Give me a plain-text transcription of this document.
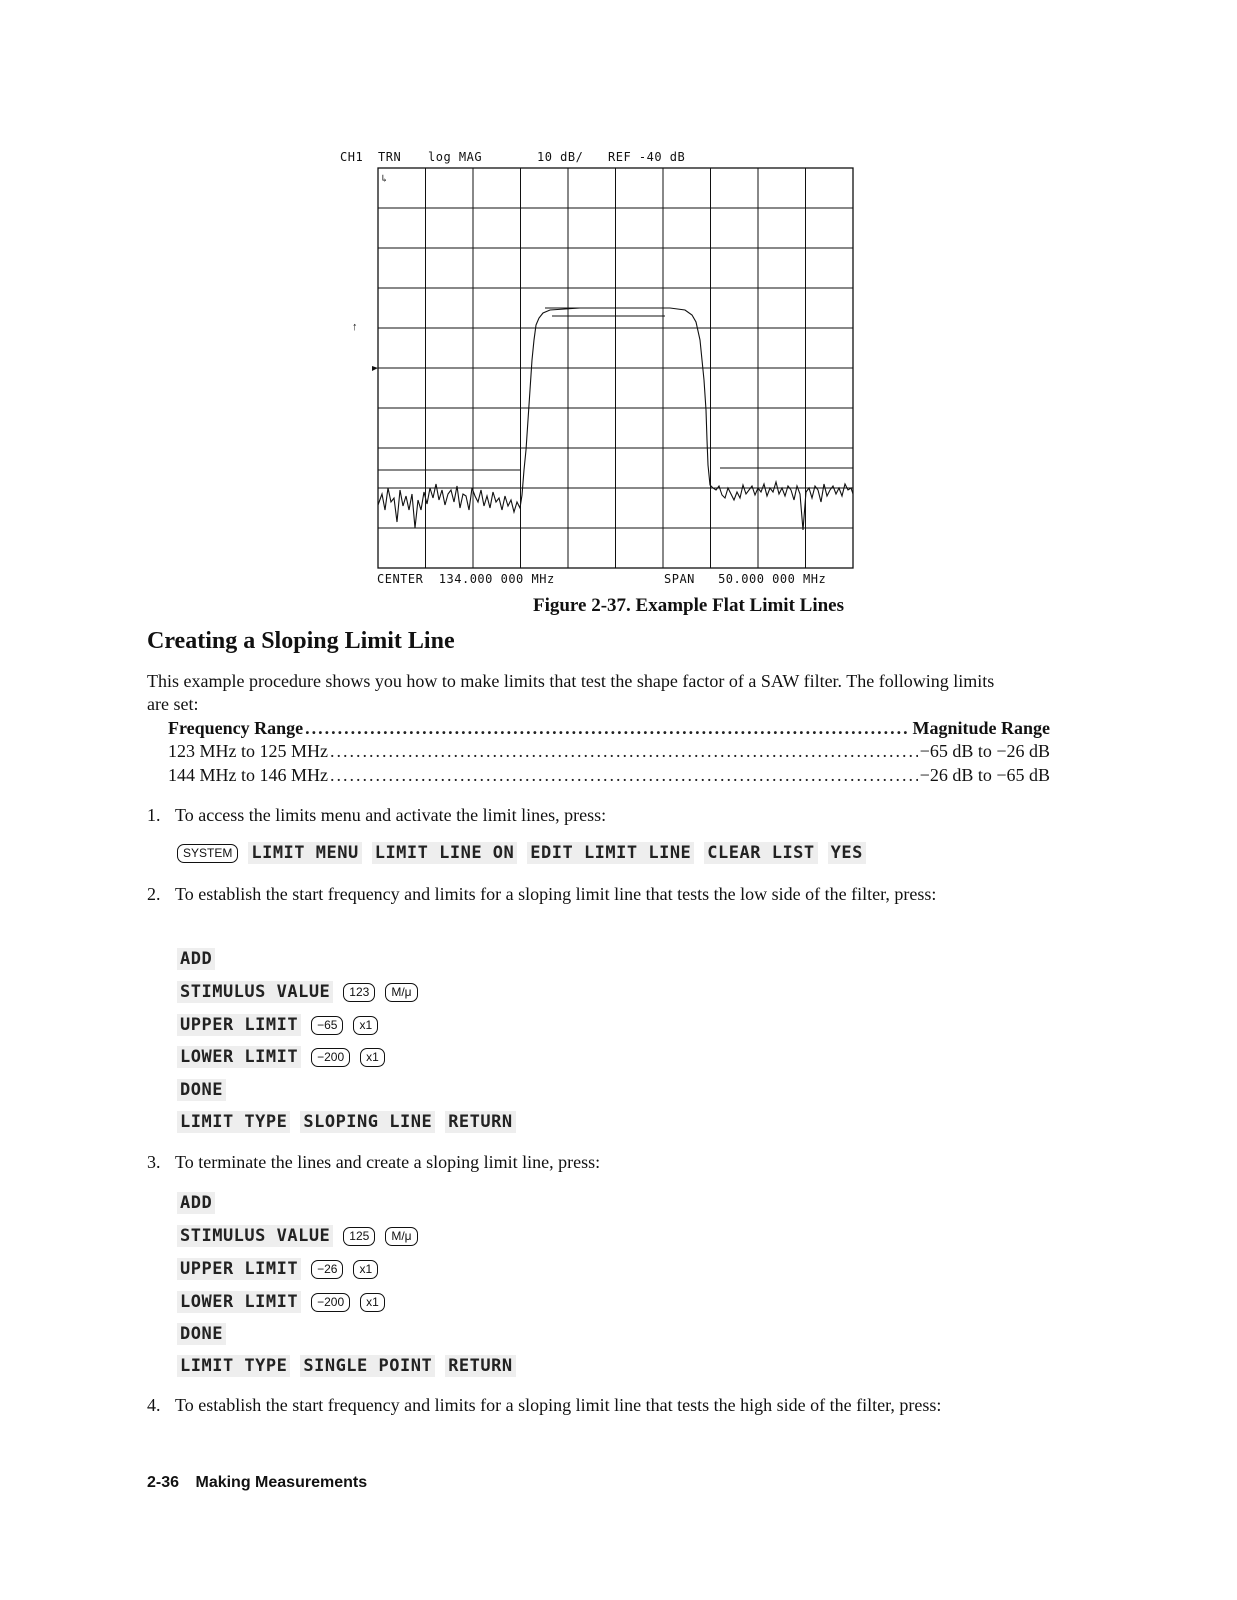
CH1 TRN log MAG	10 dB/ REF -40 dB
↳
↑
CENTER  134.000 000 MHz	SPAN   50.000 000 MHz
Figure 2-37. Example Flat Limit Lines
Creating a Sloping Limit Line

This example procedure shows you how to make limits that test the shape factor of a SAW filter. The following limits are set:

Frequency Range .....	Magnitude Range
123 MHz to 125 MHz .....	−65 dB to −26 dB
144 MHz to 146 MHz .....	−26 dB to −65 dB
1. To access the limits menu and activate the limit lines, press:
SYSTEM	LIMIT MENU LIMIT LINE ON EDIT LIMIT LINE CLEAR LIST YES
2. To establish the start frequency and limits for a sloping limit line that tests the low side of the filter, press:
ADD
STIMULUS VALUE	123	M/μ
UPPER LIMIT	−65	x1
LOWER LIMIT	−200	x1
DONE
LIMIT TYPE SLOPING LINE RETURN
3. To terminate the lines and create a sloping limit line, press:
ADD
STIMULUS VALUE	125	M/μ
UPPER LIMIT	−26	x1
LOWER LIMIT	−200	x1
DONE
LIMIT TYPE SINGLE POINT RETURN
4. To establish the start frequency and limits for a sloping limit line that tests the high side of the filter, press:
2-36 Making Measurements
